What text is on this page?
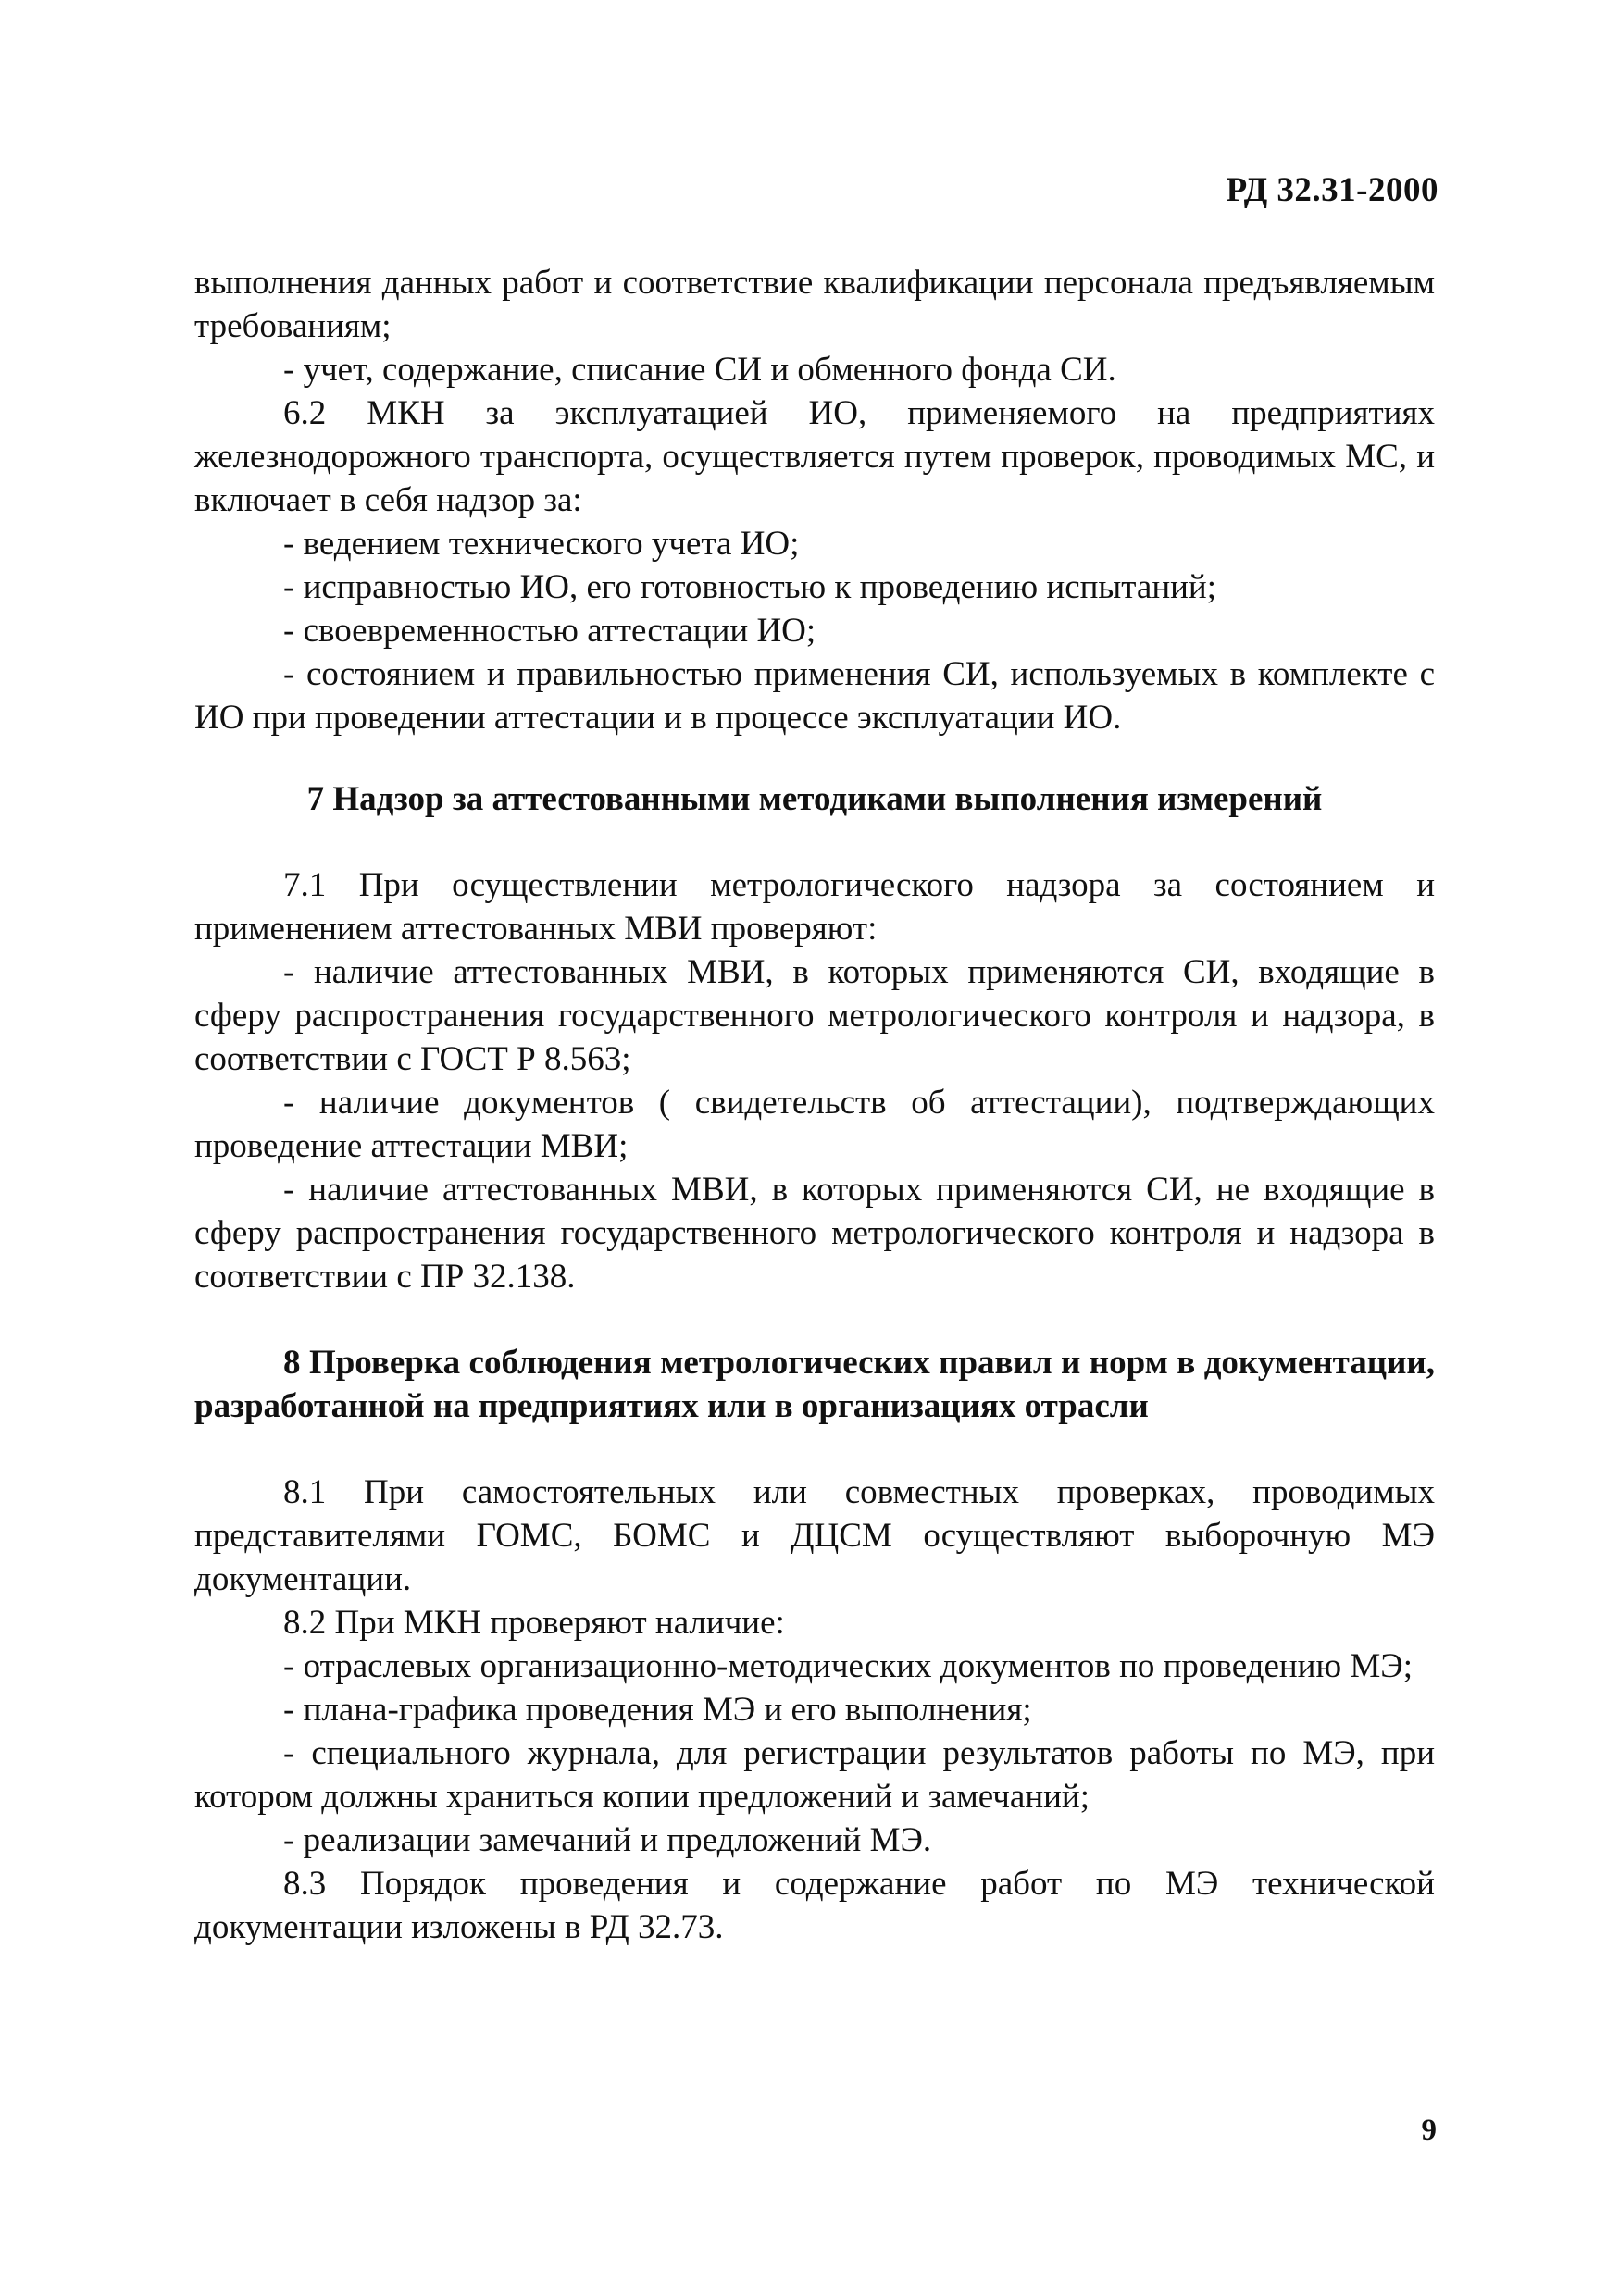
РД 32.31-2000

выполнения данных работ и соответствие квалификации персонала предъявляемым требованиям;

- учет, содержание, списание СИ и обменного фонда СИ.

6.2 МКН за эксплуатацией ИО, применяемого на предприятиях железнодорожного транспорта, осуществляется путем проверок, проводимых МС, и включает в себя надзор за:

- ведением технического учета ИО;

- исправностью ИО, его готовностью к проведению испытаний;

- своевременностью аттестации ИО;

- состоянием и правильностью применения СИ, используемых в комплекте с ИО при проведении аттестации и в процессе эксплуатации ИО.

7 Надзор за аттестованными методиками выполнения измерений

7.1 При осуществлении метрологического надзора за состоянием и применением аттестованных МВИ проверяют:

- наличие аттестованных МВИ, в которых применяются СИ, входящие в сферу распространения государственного метрологического контроля и надзора, в соответствии с ГОСТ Р 8.563;

- наличие документов ( свидетельств об аттестации), подтверждающих проведение аттестации МВИ;

- наличие аттестованных МВИ, в которых применяются СИ, не входящие в сферу распространения государственного метрологического контроля и надзора в соответствии с ПР 32.138.

8 Проверка соблюдения метрологических правил и норм в документации, разработанной на предприятиях или в организациях отрасли

8.1 При самостоятельных или совместных проверках, проводимых представителями ГОМС, БОМС и ДЦСМ осуществляют выборочную МЭ документации.

8.2 При МКН проверяют наличие:

- отраслевых организационно-методических документов по проведению МЭ;

- плана-графика проведения МЭ и его выполнения;

- специального журнала, для регистрации результатов работы по МЭ, при котором должны храниться копии предложений и замечаний;

- реализации замечаний и предложений МЭ.

8.3 Порядок проведения и содержание работ по МЭ технической документации изложены в РД 32.73.

9
